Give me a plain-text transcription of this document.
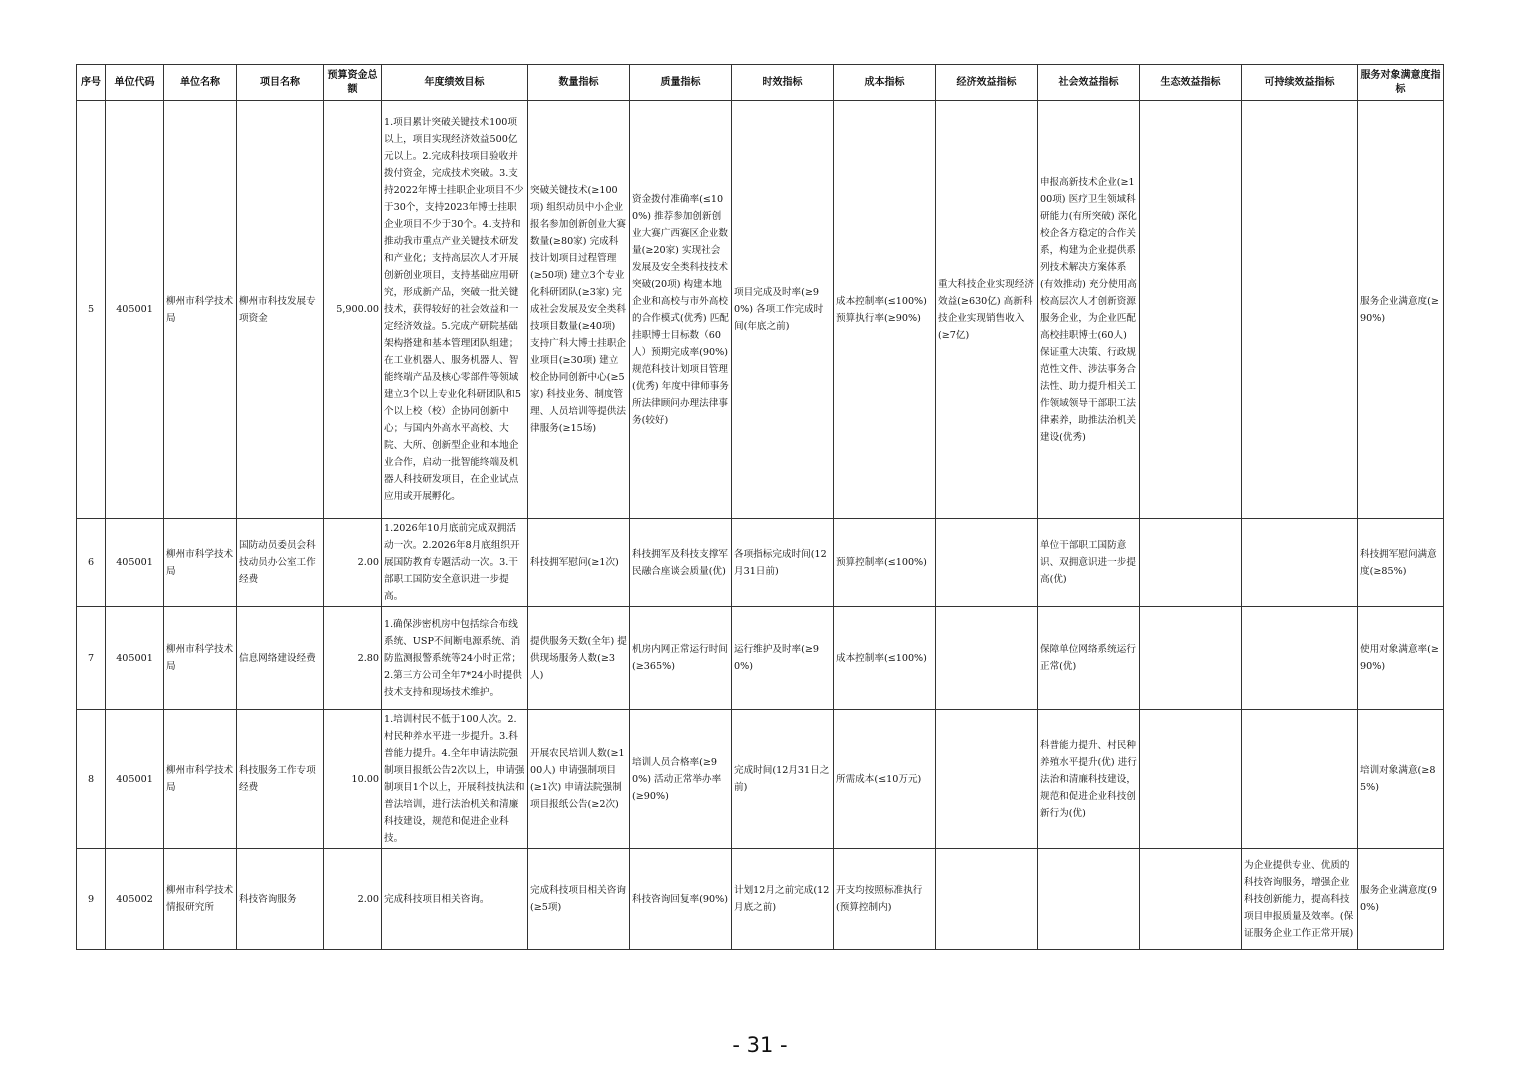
序号	单位代码	单位名称	项目名称	预算资金总额	年度绩效目标	数量指标	质量指标	时效指标	成本指标	经济效益指标	社会效益指标	生态效益指标	可持续效益指标	服务对象满意度指标
5	405001	柳州市科学技术局	柳州市科技发展专项资金	5,900.00	1.项目累计突破关键技术100项以上，项目实现经济效益500亿元以上。2.完成科技项目验收并拨付资金，完成技术突破。3.支持2022年博士挂职企业项目不少于30个，支持2023年博士挂职企业项目不少于30个。4.支持和推动我市重点产业关键技术研发和产业化；支持高层次人才开展创新创业项目，支持基础应用研究，形成新产品，突破一批关键技术，获得较好的社会效益和一定经济效益。5.完成产研院基础架构搭建和基本管理团队组建；在工业机器人、服务机器人、智能终端产品及核心零部件等领域建立3个以上专业化科研团队和5个以上校（校）企协同创新中心；与国内外高水平高校、大院、大所、创新型企业和本地企业合作，启动一批智能终端及机器人科技研发项目，在企业试点应用或开展孵化。	突破关键技术(≥100项) 组织动员中小企业报名参加创新创业大赛数量(≥80家) 完成科技计划项目过程管理(≥50项) 建立3个专业化科研团队(≥3家) 完成社会发展及安全类科技项目数量(≥40项) 支持广科大博士挂职企业项目(≥30项) 建立校企协同创新中心(≥5家) 科技业务、制度管理、人员培训等提供法律服务(≥15场)	资金拨付准确率(≤100%) 推荐参加创新创业大赛广西赛区企业数量(≥20家) 实现社会发展及安全类科技技术突破(20项) 构建本地企业和高校与市外高校的合作模式(优秀) 匹配挂职博士目标数（60人）预期完成率(90%) 规范科技计划项目管理(优秀) 年度中律师事务所法律顾问办理法律事务(较好)	项目完成及时率(≥90%) 各项工作完成时间(年底之前)	成本控制率(≤100%) 预算执行率(≥90%)	重大科技企业实现经济效益(≥630亿) 高新科技企业实现销售收入(≥7亿)	申报高新技术企业(≥100项) 医疗卫生领域科研能力(有所突破) 深化校企各方稳定的合作关系，构建为企业提供系列技术解决方案体系(有效推动) 充分使用高校高层次人才创新资源服务企业，为企业匹配高校挂职博士(60人) 保证重大决策、行政规范性文件、涉法事务合法性、助力提升相关工作领域领导干部职工法律素养，助推法治机关建设(优秀)			服务企业满意度(≥90%)
6	405001	柳州市科学技术局	国防动员委员会科技动员办公室工作经费	2.00	1.2026年10月底前完成双拥活动一次。2.2026年8月底组织开展国防教育专题活动一次。3.干部职工国防安全意识进一步提高。	科技拥军慰问(≥1次)	科技拥军及科技支撑军民融合座谈会质量(优)	各项指标完成时间(12月31日前)	预算控制率(≤100%)		单位干部职工国防意识、双拥意识进一步提高(优)			科技拥军慰问满意度(≥85%)
7	405001	柳州市科学技术局	信息网络建设经费	2.80	1.确保涉密机房中包括综合布线系统、USP不间断电源系统、消防监测报警系统等24小时正常；2.第三方公司全年7*24小时提供技术支持和现场技术维护。	提供服务天数(全年) 提供现场服务人数(≥3人)	机房内网正常运行时间(≥365%)	运行维护及时率(≥90%)	成本控制率(≤100%)		保障单位网络系统运行正常(优)			使用对象满意率(≥90%)
8	405001	柳州市科学技术局	科技服务工作专项经费	10.00	1.培训村民不低于100人次。2.村民种养水平进一步提升。3.科普能力提升。4.全年申请法院强制项目报纸公告2次以上，申请强制项目1个以上，开展科技执法和普法培训，进行法治机关和清廉科技建设，规范和促进企业科技。	开展农民培训人数(≥100人) 申请强制项目(≥1次) 申请法院强制项目报纸公告(≥2次)	培训人员合格率(≥90%) 活动正常举办率(≥90%)	完成时间(12月31日之前)	所需成本(≤10万元)		科普能力提升、村民种养殖水平提升(优) 进行法治和清廉科技建设，规范和促进企业科技创新行为(优)			培训对象满意(≥85%)
9	405002	柳州市科学技术情报研究所	科技咨询服务	2.00	完成科技项目相关咨询。	完成科技项目相关咨询(≥5项)	科技咨询回复率(90%)	计划12月之前完成(12月底之前)	开支均按照标准执行(预算控制内)				为企业提供专业、优质的科技咨询服务，增强企业科技创新能力，提高科技项目申报质量及效率。(保证服务企业工作正常开展)	服务企业满意度(90%)
- 31 -
